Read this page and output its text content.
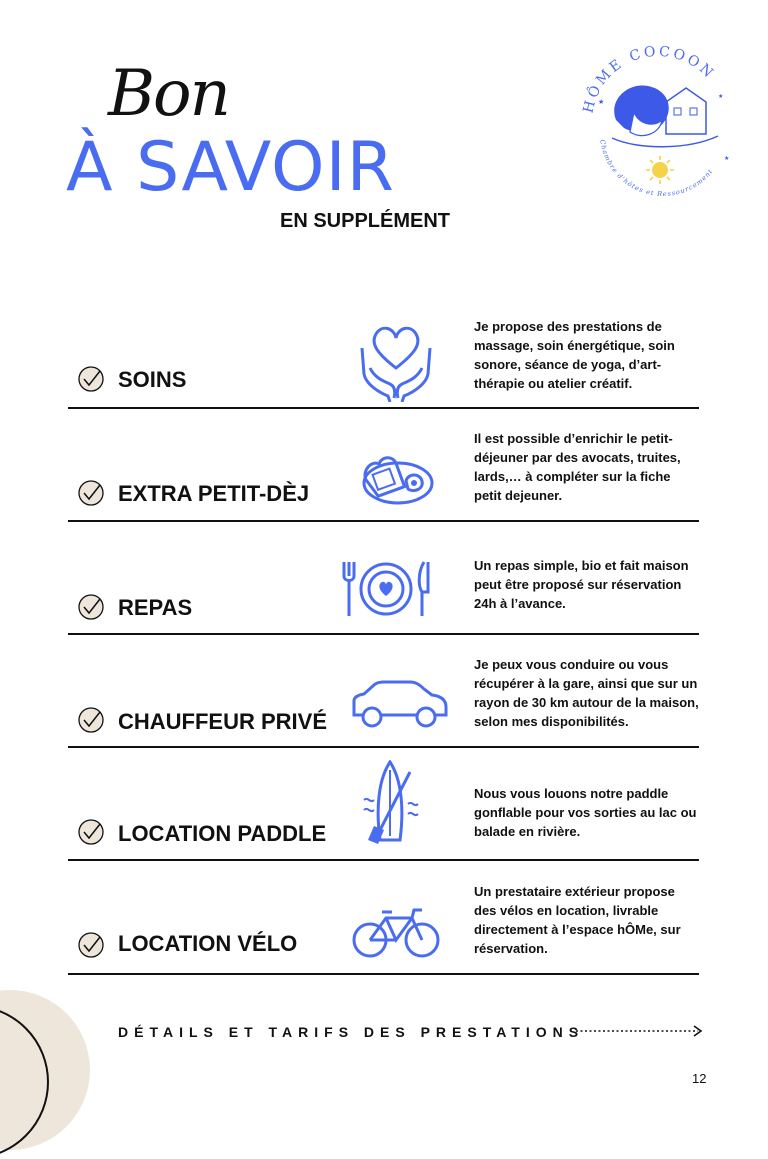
Bon
À SAVOIR
EN SUPPLÉMENT
HÔME COCOON
Chambre d'hôtes et Ressourcement
★
★
★
SOINS
Je propose des prestations de massage, soin énergétique, soin sonore, séance de yoga, d’art-thérapie ou atelier créatif.
EXTRA PETIT-DÈJ
Il est possible d’enrichir le petit-déjeuner par des avocats, truites, lards,… à compléter sur la fiche petit dejeuner.
REPAS
Un repas simple, bio et fait maison peut être proposé sur réservation 24h à l’avance.
CHAUFFEUR PRIVÉ
Je peux vous conduire ou vous récupérer à la gare, ainsi que sur un rayon de 30 km autour de la maison, selon mes disponibilités.
LOCATION PADDLE
Nous vous louons notre paddle gonflable pour vos sorties au lac ou balade en rivière.
LOCATION VÉLO
Un prestataire extérieur propose des vélos en location, livrable directement à l’espace hÔMe, sur réservation.
DÉTAILS ET TARIFS DES PRESTATIONS
12
